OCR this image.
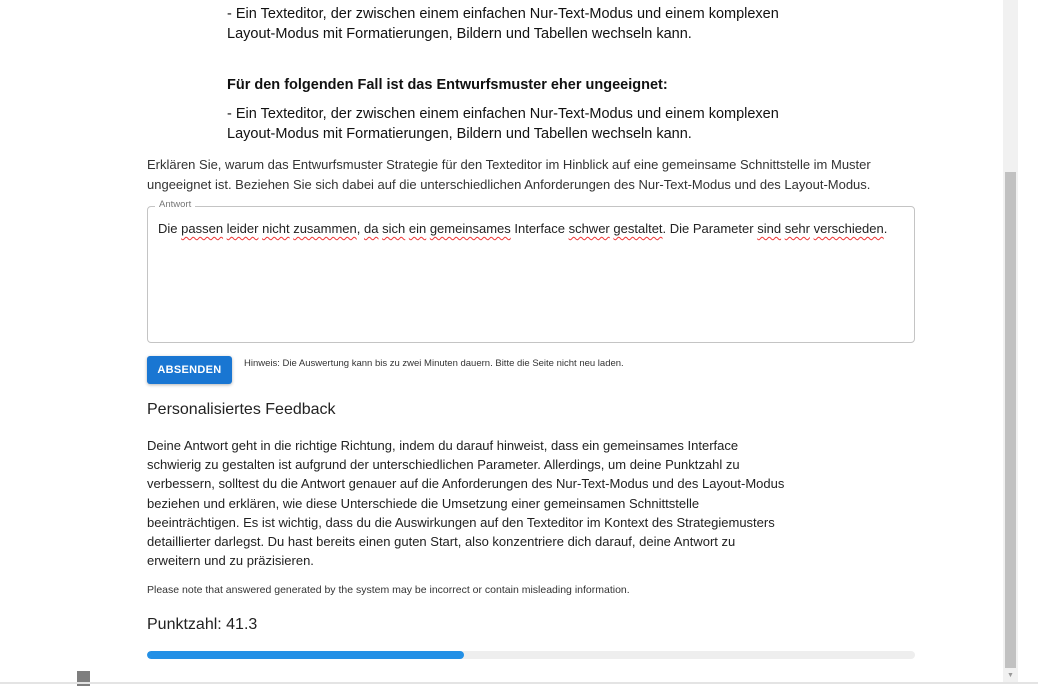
- Ein Texteditor, der zwischen einem einfachen Nur-Text-Modus und einem komplexen Layout-Modus mit Formatierungen, Bildern und Tabellen wechseln kann.
Für den folgenden Fall ist das Entwurfsmuster eher ungeeignet:
- Ein Texteditor, der zwischen einem einfachen Nur-Text-Modus und einem komplexen Layout-Modus mit Formatierungen, Bildern und Tabellen wechseln kann.
Erklären Sie, warum das Entwurfsmuster Strategie für den Texteditor im Hinblick auf eine gemeinsame Schnittstelle im Muster ungeeignet ist. Beziehen Sie sich dabei auf die unterschiedlichen Anforderungen des Nur-Text-Modus und des Layout-Modus.
Antwort
Die passen leider nicht zusammen, da sich ein gemeinsames Interface schwer gestaltet. Die Parameter sind sehr verschieden.
ABSENDEN
Hinweis: Die Auswertung kann bis zu zwei Minuten dauern. Bitte die Seite nicht neu laden.
Personalisiertes Feedback
Deine Antwort geht in die richtige Richtung, indem du darauf hinweist, dass ein gemeinsames Interface schwierig zu gestalten ist aufgrund der unterschiedlichen Parameter. Allerdings, um deine Punktzahl zu verbessern, solltest du die Antwort genauer auf die Anforderungen des Nur-Text-Modus und des Layout-Modus beziehen und erklären, wie diese Unterschiede die Umsetzung einer gemeinsamen Schnittstelle beeinträchtigen. Es ist wichtig, dass du die Auswirkungen auf den Texteditor im Kontext des Strategiemusters detaillierter darlegst. Du hast bereits einen guten Start, also konzentriere dich darauf, deine Antwort zu erweitern und zu präzisieren.
Please note that answered generated by the system may be incorrect or contain misleading information.
Punktzahl: 41.3
▼
